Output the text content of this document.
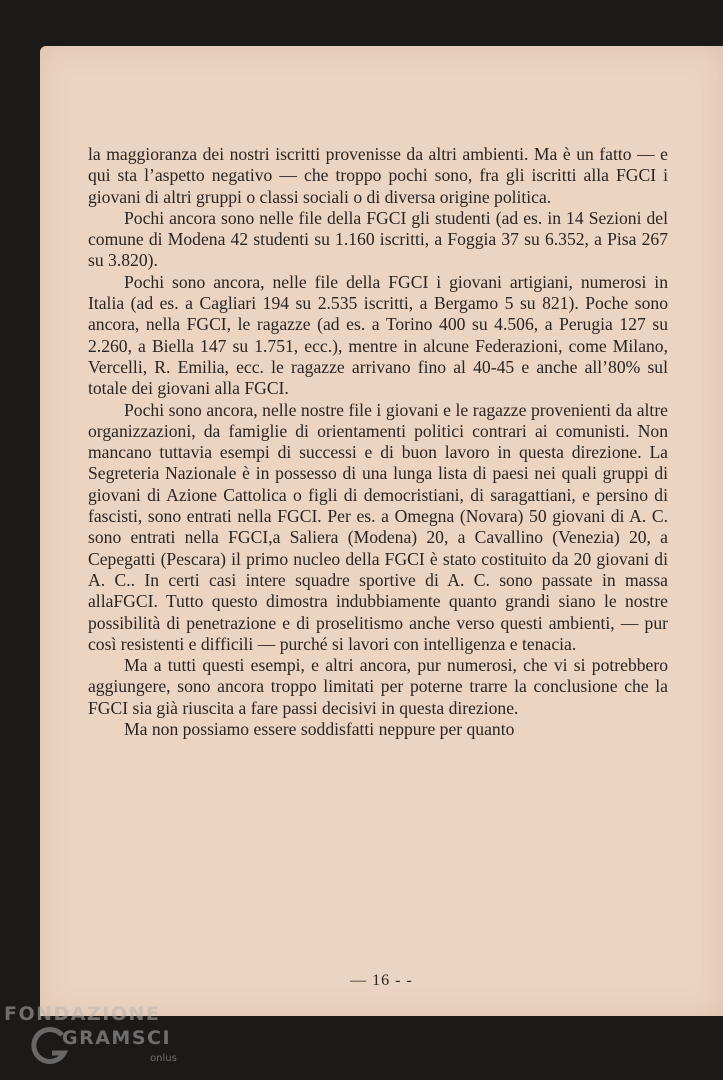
la maggioranza dei nostri iscritti provenisse da altri ambienti. Ma è un fatto — e qui sta l’aspetto negativo — che troppo pochi sono, fra gli iscritti alla FGCI i giovani di altri gruppi o classi sociali o di diversa origine politica.

Pochi ancora sono nelle file della FGCI gli studenti (ad es. in 14 Sezioni del comune di Modena 42 studenti su 1.160 iscritti, a Foggia 37 su 6.352, a Pisa 267 su 3.820).

Pochi sono ancora, nelle file della FGCI i giovani artigiani, numerosi in Italia (ad es. a Cagliari 194 su 2.535 iscritti, a Bergamo 5 su 821). Poche sono ancora, nella FGCI, le ragazze (ad es. a Torino 400 su 4.506, a Perugia 127 su 2.260, a Biella 147 su 1.751, ecc.), mentre in alcune Federazioni, come Milano, Vercelli, R. Emilia, ecc. le ragazze arrivano fino al 40-45 e anche all’80% sul totale dei giovani alla FGCI.

Pochi sono ancora, nelle nostre file i giovani e le ragazze provenienti da altre organizzazioni, da famiglie di orientamenti politici contrari ai comunisti. Non mancano tuttavia esempi di successi e di buon lavoro in questa direzione. La Segreteria Nazionale è in possesso di una lunga lista di paesi nei quali gruppi di giovani di Azione Cattolica o figli di democristiani, di saragattiani, e persino di fascisti, sono entrati nella FGCI. Per es. a Omegna (Novara) 50 giovani di A. C. sono entrati nella FGCI,a Saliera (Modena) 20, a Cavallino (Venezia) 20, a Cepegatti (Pescara) il primo nucleo della FGCI è stato costituito da 20 giovani di A. C.. In certi casi intere squadre sportive di A. C. sono passate in massa allaFGCI. Tutto questo dimostra indubbiamente quanto grandi siano le nostre possibilità di penetrazione e di proselitismo anche verso questi ambienti, — pur così resistenti e difficili — purché si lavori con intelligenza e tenacia.

Ma a tutti questi esempi, e altri ancora, pur numerosi, che vi si potrebbero aggiungere, sono ancora troppo limitati per poterne trarre la conclusione che la FGCI sia già riuscita a fare passi decisivi in questa direzione.

Ma non possiamo essere soddisfatti neppure per quanto

— 16 - -
FONDAZIONE
GRAMSCI
onlus
